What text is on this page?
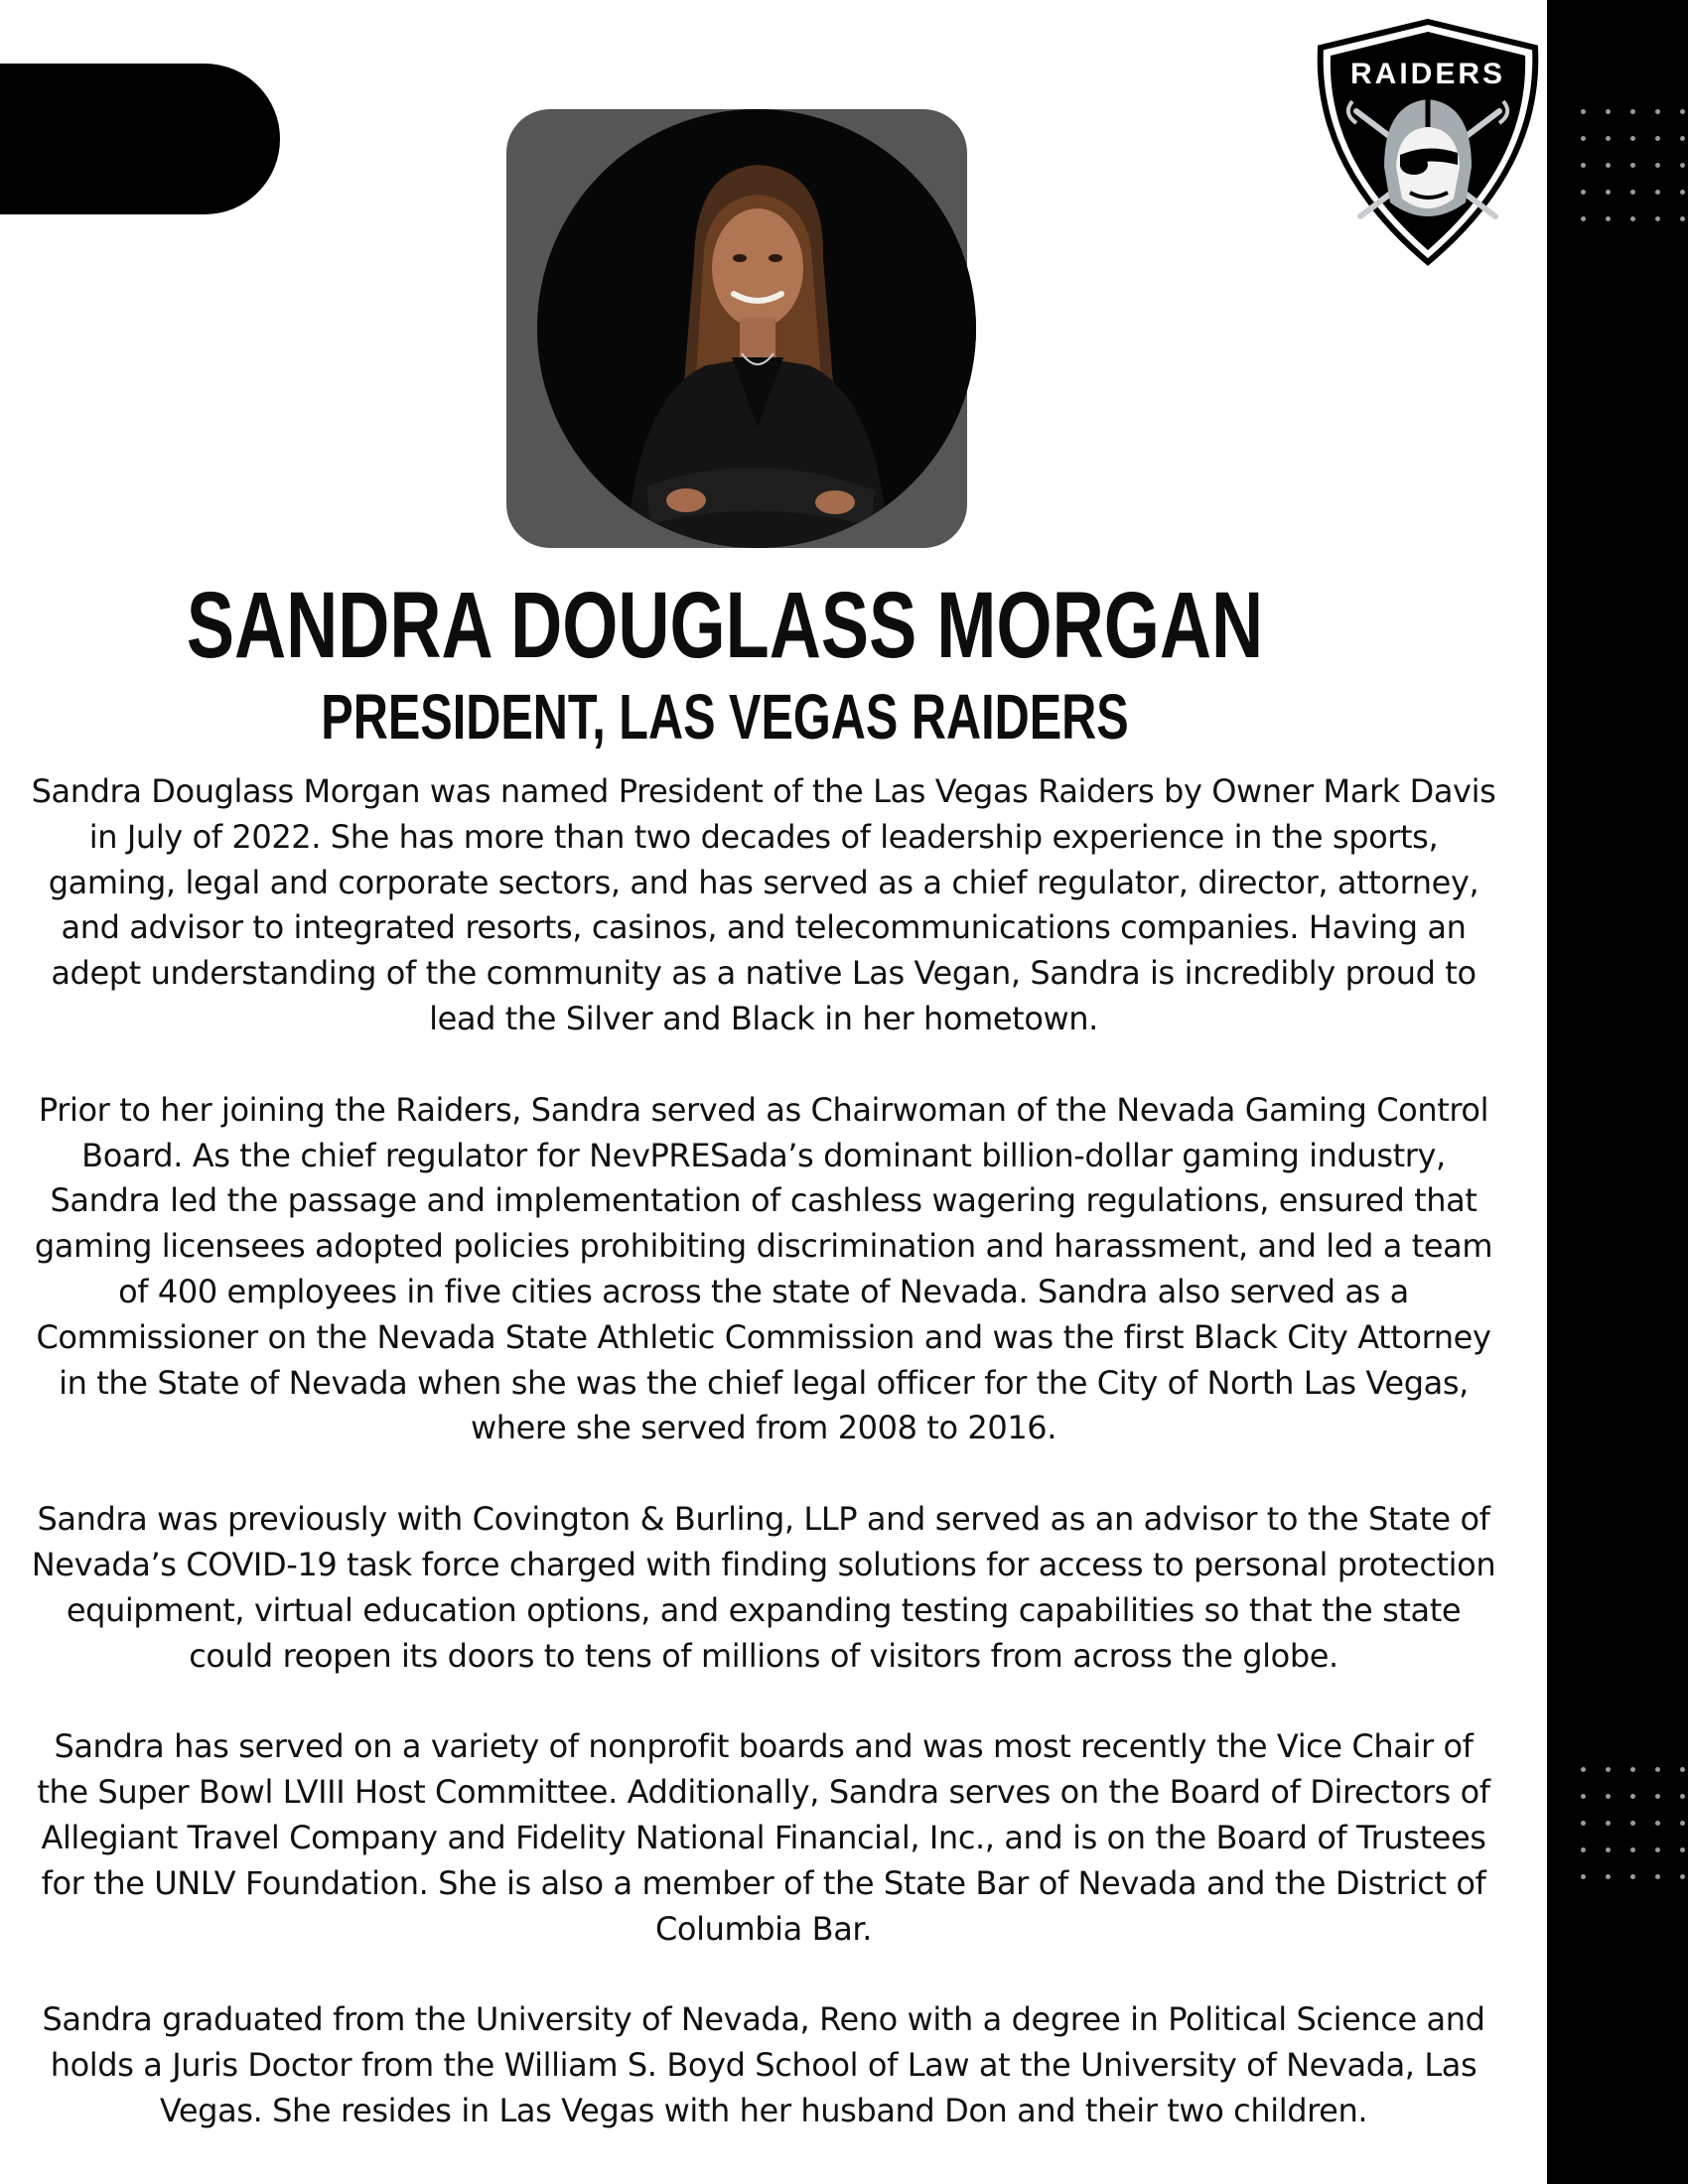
RAIDERS
SANDRA DOUGLASS MORGAN
PRESIDENT, LAS VEGAS RAIDERS

Sandra Douglass Morgan was named President of the Las Vegas Raiders by Owner Mark Davis in July of 2022. She has more than two decades of leadership experience in the sports, gaming, legal and corporate sectors, and has served as a chief regulator, director, attorney, and advisor to integrated resorts, casinos, and telecommunications companies. Having an adept understanding of the community as a native Las Vegan, Sandra is incredibly proud to lead the Silver and Black in her hometown.

Prior to her joining the Raiders, Sandra served as Chairwoman of the Nevada Gaming Control Board. As the chief regulator for NevPRESada’s dominant billion-dollar gaming industry, Sandra led the passage and implementation of cashless wagering regulations, ensured that gaming licensees adopted policies prohibiting discrimination and harassment, and led a team of 400 employees in five cities across the state of Nevada. Sandra also served as a Commissioner on the Nevada State Athletic Commission and was the first Black City Attorney in the State of Nevada when she was the chief legal officer for the City of North Las Vegas, where she served from 2008 to 2016.

Sandra was previously with Covington & Burling, LLP and served as an advisor to the State of Nevada’s COVID-19 task force charged with finding solutions for access to personal protection equipment, virtual education options, and expanding testing capabilities so that the state could reopen its doors to tens of millions of visitors from across the globe.

Sandra has served on a variety of nonprofit boards and was most recently the Vice Chair of the Super Bowl LVIII Host Committee. Additionally, Sandra serves on the Board of Directors of Allegiant Travel Company and Fidelity National Financial, Inc., and is on the Board of Trustees for the UNLV Foundation. She is also a member of the State Bar of Nevada and the District of Columbia Bar.

Sandra graduated from the University of Nevada, Reno with a degree in Political Science and holds a Juris Doctor from the William S. Boyd School of Law at the University of Nevada, Las Vegas. She resides in Las Vegas with her husband Don and their two children.
